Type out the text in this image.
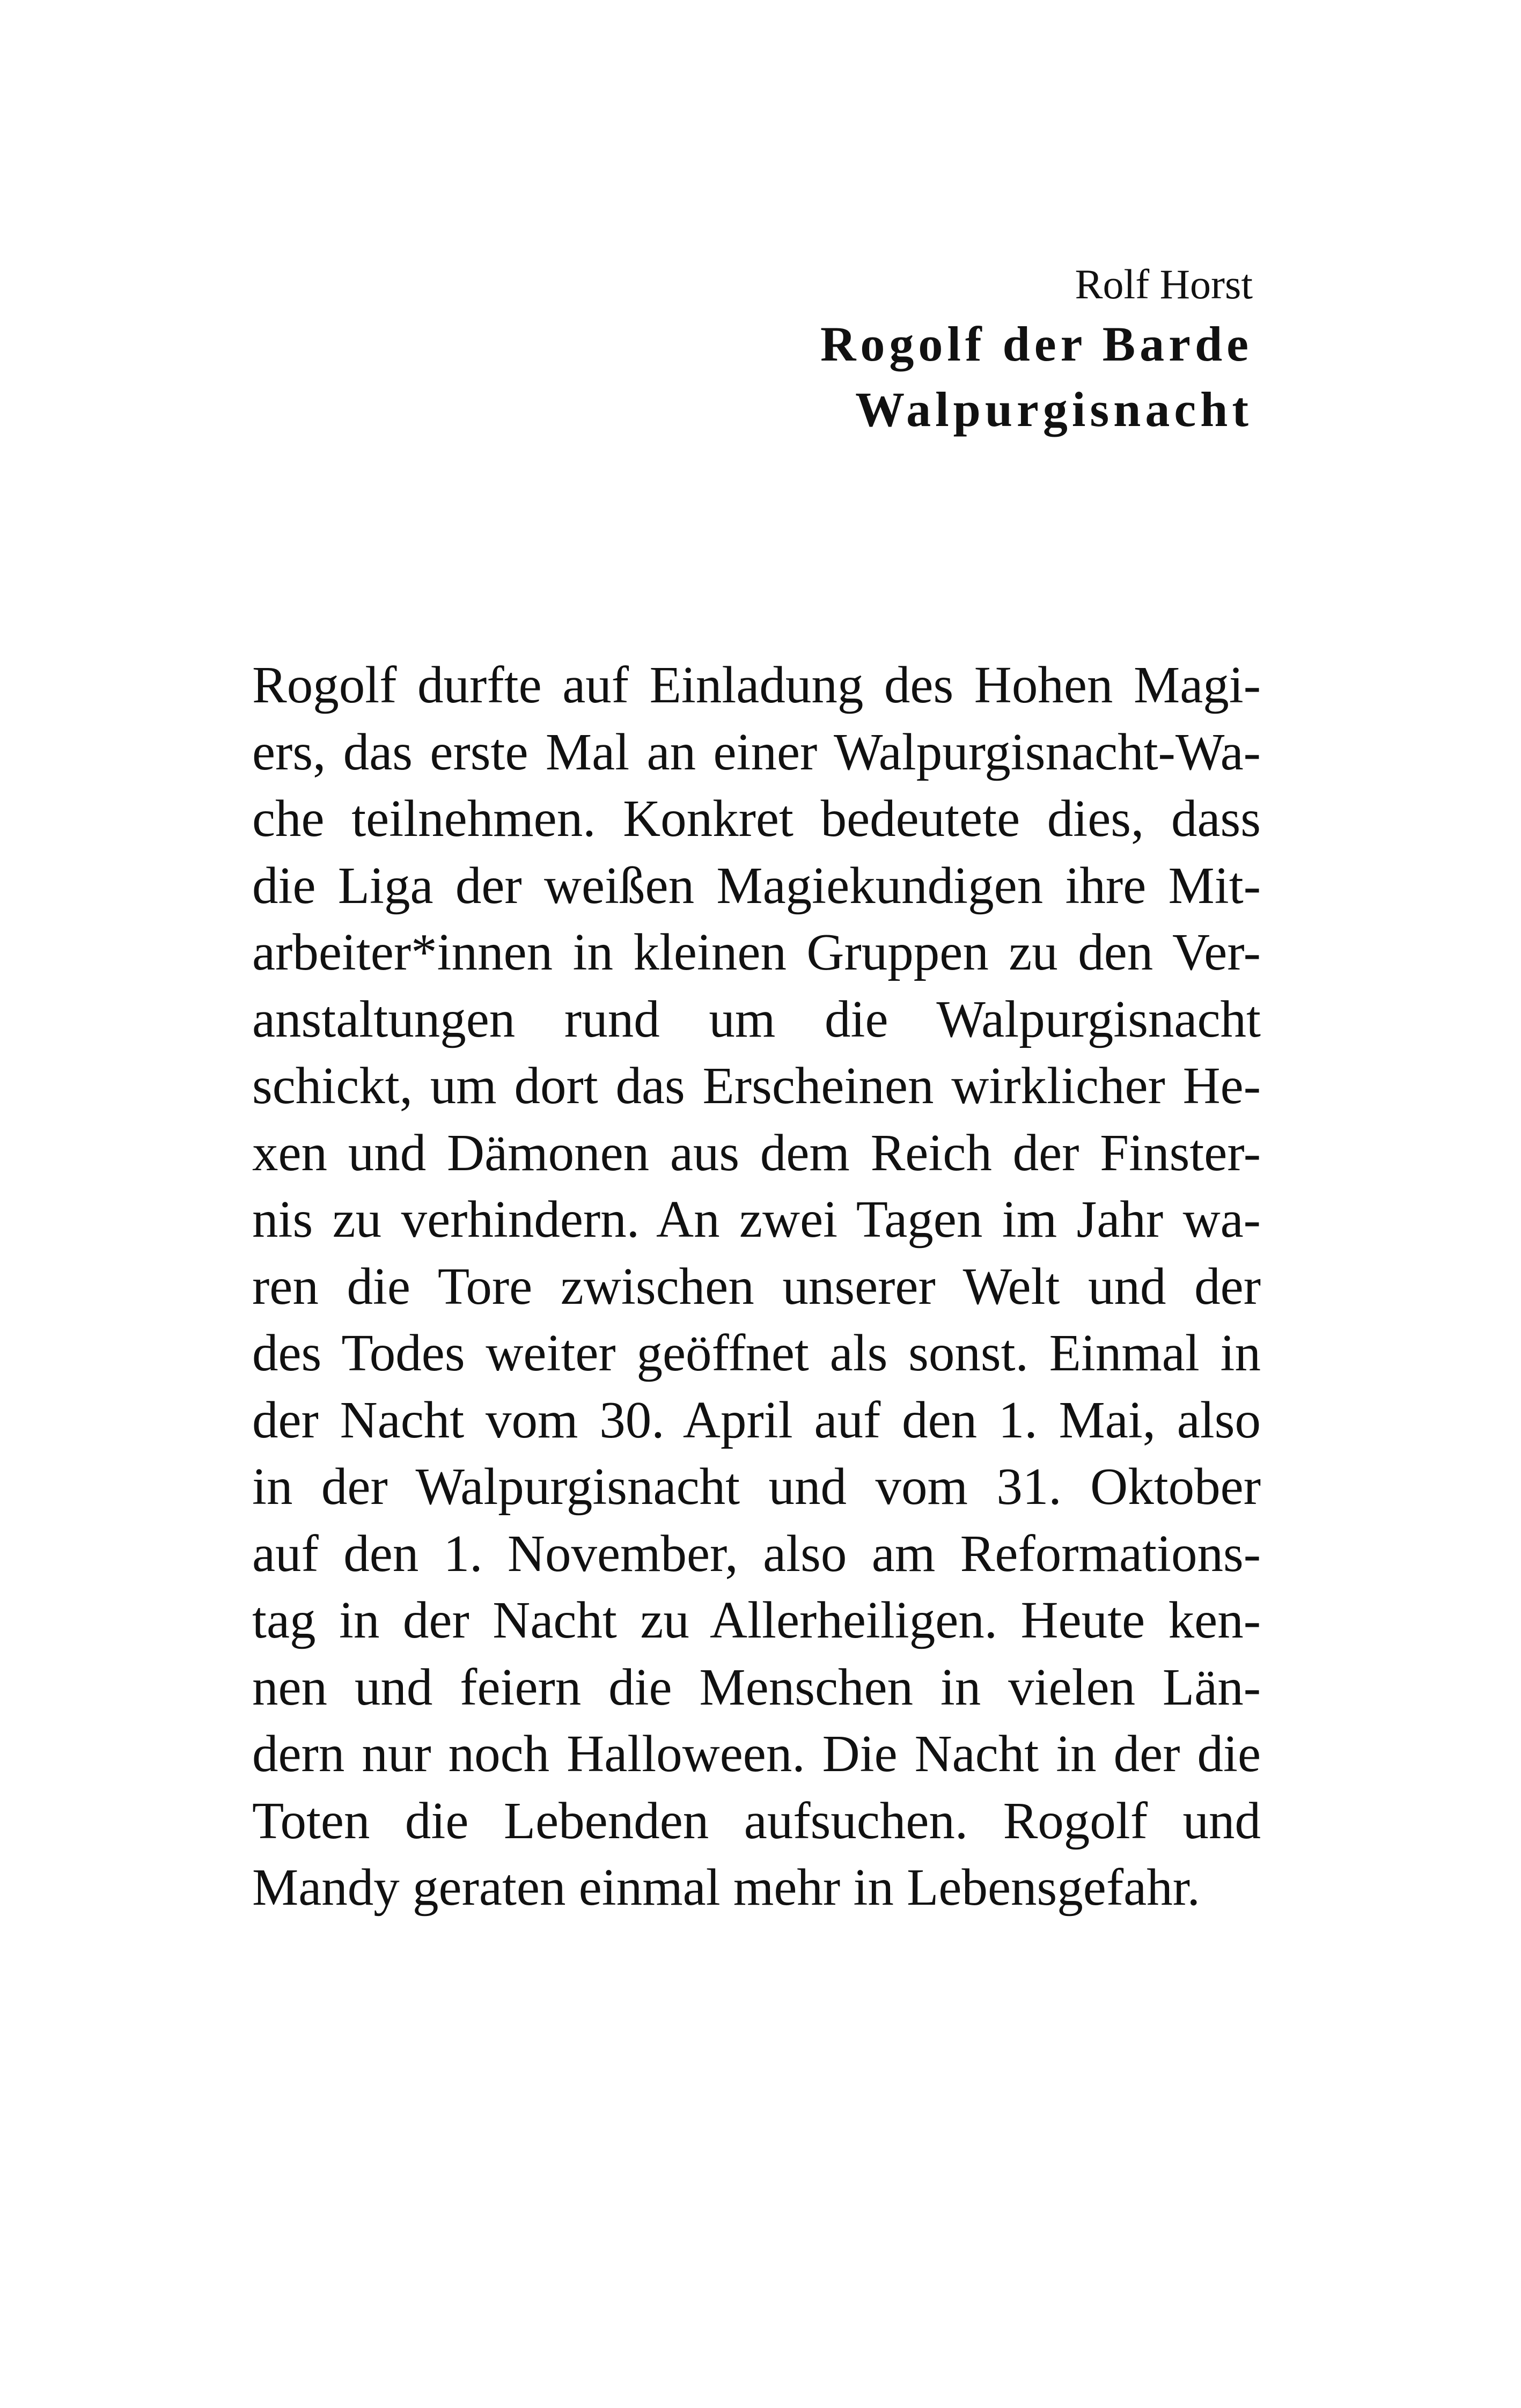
Rolf Horst

Rogolf der Barde

Walpurgisnacht

Rogolf durfte auf Einladung des Hohen Magi-
ers, das erste Mal an einer Walpurgisnacht-Wa-
che teilnehmen. Konkret bedeutete dies, dass
die Liga der weißen Magiekundigen ihre Mit-
arbeiter*innen in kleinen Gruppen zu den Ver-
anstaltungen rund um die Walpurgisnacht
schickt, um dort das Erscheinen wirklicher He-
xen und Dämonen aus dem Reich der Finster-
nis zu verhindern. An zwei Tagen im Jahr wa-
ren die Tore zwischen unserer Welt und der
des Todes weiter geöffnet als sonst. Einmal in
der Nacht vom 30. April auf den 1. Mai, also
in der Walpurgisnacht und vom 31. Oktober
auf den 1. November, also am Reformations-
tag in der Nacht zu Allerheiligen. Heute ken-
nen und feiern die Menschen in vielen Län-
dern nur noch Halloween. Die Nacht in der die
Toten die Lebenden aufsuchen. Rogolf und
Mandy geraten einmal mehr in Lebensgefahr.
